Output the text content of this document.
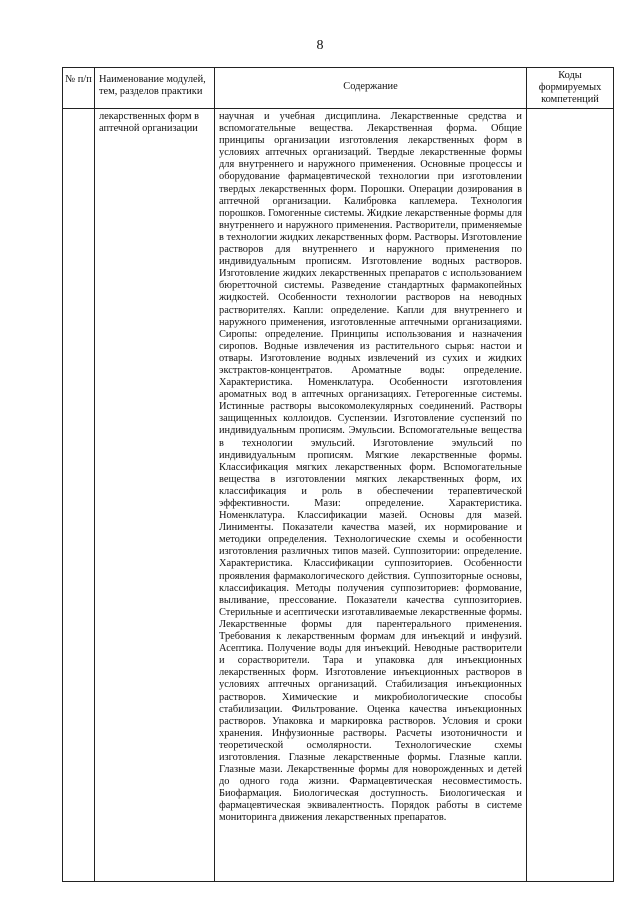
8
№ п/п	Наименование модулей, тем, разделов практики	Содержание	Коды формируемых компетенций
	лекарственных форм в аптечной организации	научная и учебная дисциплина. Лекарственные средства и вспомогательные вещества. Лекарственная форма. Общие принципы организации изготовления лекарственных форм в условиях аптечных организаций. Твердые лекарственные формы для внутреннего и наружного применения. Основные процессы и оборудование фармацевтической технологии при изготовлении твердых лекарственных форм. Порошки. Операции дозирования в аптечной организации. Калибровка каплемера. Технология порошков. Гомогенные системы. Жидкие лекарственные формы для внутреннего и наружного применения. Растворители, применяемые в технологии жидких лекарственных форм. Растворы. Изготовление растворов для внутреннего и наружного применения по индивидуальным прописям. Изготовление водных растворов. Изготовление жидких лекарственных препаратов с использованием бюретточной системы. Разведение стандартных фармакопейных жидкостей. Особенности технологии растворов на неводных растворителях. Капли: определение. Капли для внутреннего и наружного применения, изготовленные аптечными организациями. Сиропы: определение. Принципы использования и назначения сиропов. Водные извлечения из растительного сырья: настои и отвары. Изготовление водных извлечений из сухих и жидких экстрактов-концентратов. Ароматные воды: определение. Характеристика. Номенклатура. Особенности изготовления ароматных вод в аптечных организациях. Гетерогенные системы. Истинные растворы высокомолекулярных соединений. Растворы защищенных коллоидов. Суспензии. Изготовление суспензий по индивидуальным прописям. Эмульсии. Вспомогательные вещества в технологии эмульсий. Изготовление эмульсий по индивидуальным прописям. Мягкие лекарственные формы. Классификация мягких лекарственных форм. Вспомогательные вещества в изготовлении мягких лекарственных форм, их классификация и роль в обеспечении терапевтической эффективности. Мази: определение. Характеристика. Номенклатура. Классификации мазей. Основы для мазей. Линименты. Показатели качества мазей, их нормирование и методики определения. Технологические схемы и особенности изготовления различных типов мазей. Суппозитории: определение. Характеристика. Классификации суппозиториев. Особенности проявления фармакологического действия. Суппозиторные основы, классификация. Методы получения суппозиториев: формование, выливание, прессование. Показатели качества суппозиториев. Стерильные и асептически изготавливаемые лекарственные формы. Лекарственные формы для парентерального применения. Требования к лекарственным формам для инъекций и инфузий. Асептика. Получение воды для инъекций. Неводные растворители и сорастворители. Тара и упаковка для инъекционных лекарственных форм. Изготовление инъекционных растворов в условиях аптечных организаций. Стабилизация инъекционных растворов. Химические и микробиологические способы стабилизации. Фильтрование. Оценка качества инъекционных растворов. Упаковка и маркировка растворов. Условия и сроки хранения. Инфузионные растворы. Расчеты изотоничности и теоретической осмолярности. Технологические схемы изготовления. Глазные лекарственные формы. Глазные капли. Глазные мази. Лекарственные формы для новорожденных и детей до одного года жизни. Фармацевтическая несовместимость. Биофармация. Биологическая доступность. Биологическая и фармацевтическая эквивалентность. Порядок работы в системе мониторинга движения лекарственных препаратов.	
